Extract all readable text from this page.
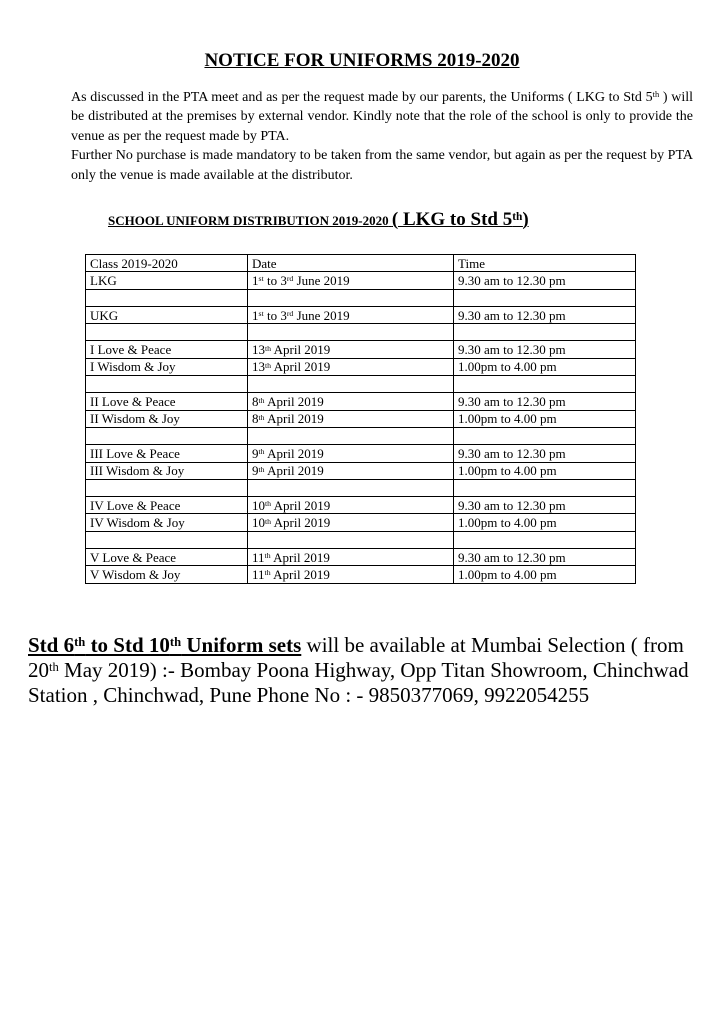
NOTICE FOR UNIFORMS 2019-2020

As discussed in the PTA meet and as per the request made by our parents, the Uniforms ( LKG to Std 5th ) will be distributed at the premises by external vendor. Kindly note that the role of the school is only to provide the venue as per the request made by PTA.

Further No purchase is made mandatory to be taken from the same vendor, but again as per the request by PTA only the venue is made available at the distributor.

SCHOOL UNIFORM DISTRIBUTION 2019-2020 ( LKG to Std 5th)
Class 2019-2020	Date	Time
LKG	1st to 3rd June 2019	9.30 am to 12.30 pm

UKG	1st to 3rd June 2019	9.30 am to 12.30 pm

I Love & Peace	13th April 2019	9.30 am to 12.30 pm
I Wisdom & Joy	13th April 2019	1.00pm to 4.00 pm

II Love & Peace	8th April 2019	9.30 am to 12.30 pm
II Wisdom & Joy	8th April 2019	1.00pm to 4.00 pm

III Love & Peace	9th April 2019	9.30 am to 12.30 pm
III Wisdom & Joy	9th April 2019	1.00pm to 4.00 pm

IV Love & Peace	10th April 2019	9.30 am to 12.30 pm
IV Wisdom & Joy	10th April 2019	1.00pm to 4.00 pm

V Love & Peace	11th April 2019	9.30 am to 12.30 pm
V Wisdom & Joy	11th April 2019	1.00pm to 4.00 pm

Std 6th to Std 10th Uniform sets will be available at Mumbai Selection ( from 20th May 2019) :- Bombay Poona Highway, Opp Titan Showroom, Chinchwad Station , Chinchwad, Pune Phone No : - 9850377069, 9922054255
